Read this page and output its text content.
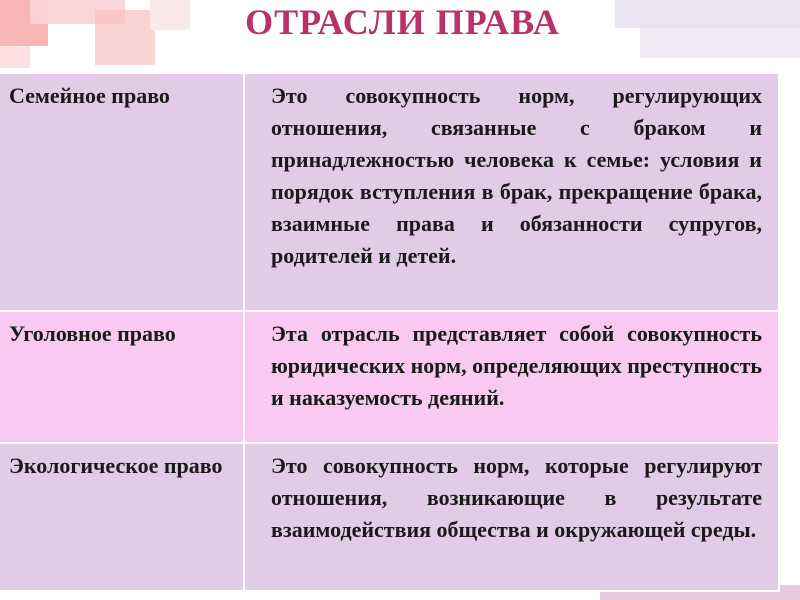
ОТРАСЛИ ПРАВА
Семейное право	Это совокупность норм, регулирующих отношения, связанные с браком и принадлежностью человека к семье: условия и порядок вступления в брак, прекращение брака, взаимные права и обязанности супругов, родителей и детей.
Уголовное право	Эта отрасль представляет собой совокупность юридических норм, определяющих преступность и наказуемость деяний.
Экологическое право	Это совокупность норм, которые регулируют отношения, возникающие в результате взаимодействия общества и окружающей среды.
